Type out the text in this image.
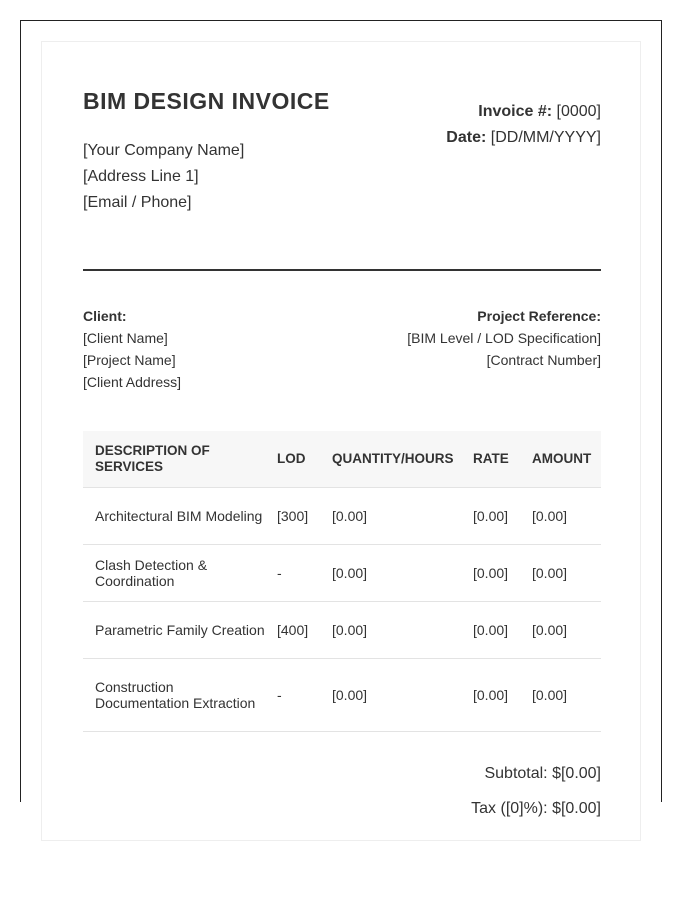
BIM DESIGN INVOICE
[Your Company Name]
[Address Line 1]
[Email / Phone]
Invoice #: [0000]
Date: [DD/MM/YYYY]
Client:
[Client Name]
[Project Name]
[Client Address]
Project Reference:
[BIM Level / LOD Specification]
[Contract Number]
DESCRIPTION OF SERVICES	LOD	QUANTITY/HOURS	RATE	AMOUNT
Architectural BIM Modeling	[300]	[0.00]	[0.00]	[0.00]
Clash Detection & Coordination	-	[0.00]	[0.00]	[0.00]
Parametric Family Creation	[400]	[0.00]	[0.00]	[0.00]
Construction Documentation Extraction	-	[0.00]	[0.00]	[0.00]
Subtotal: $[0.00]
Tax ([0]%): $[0.00]
